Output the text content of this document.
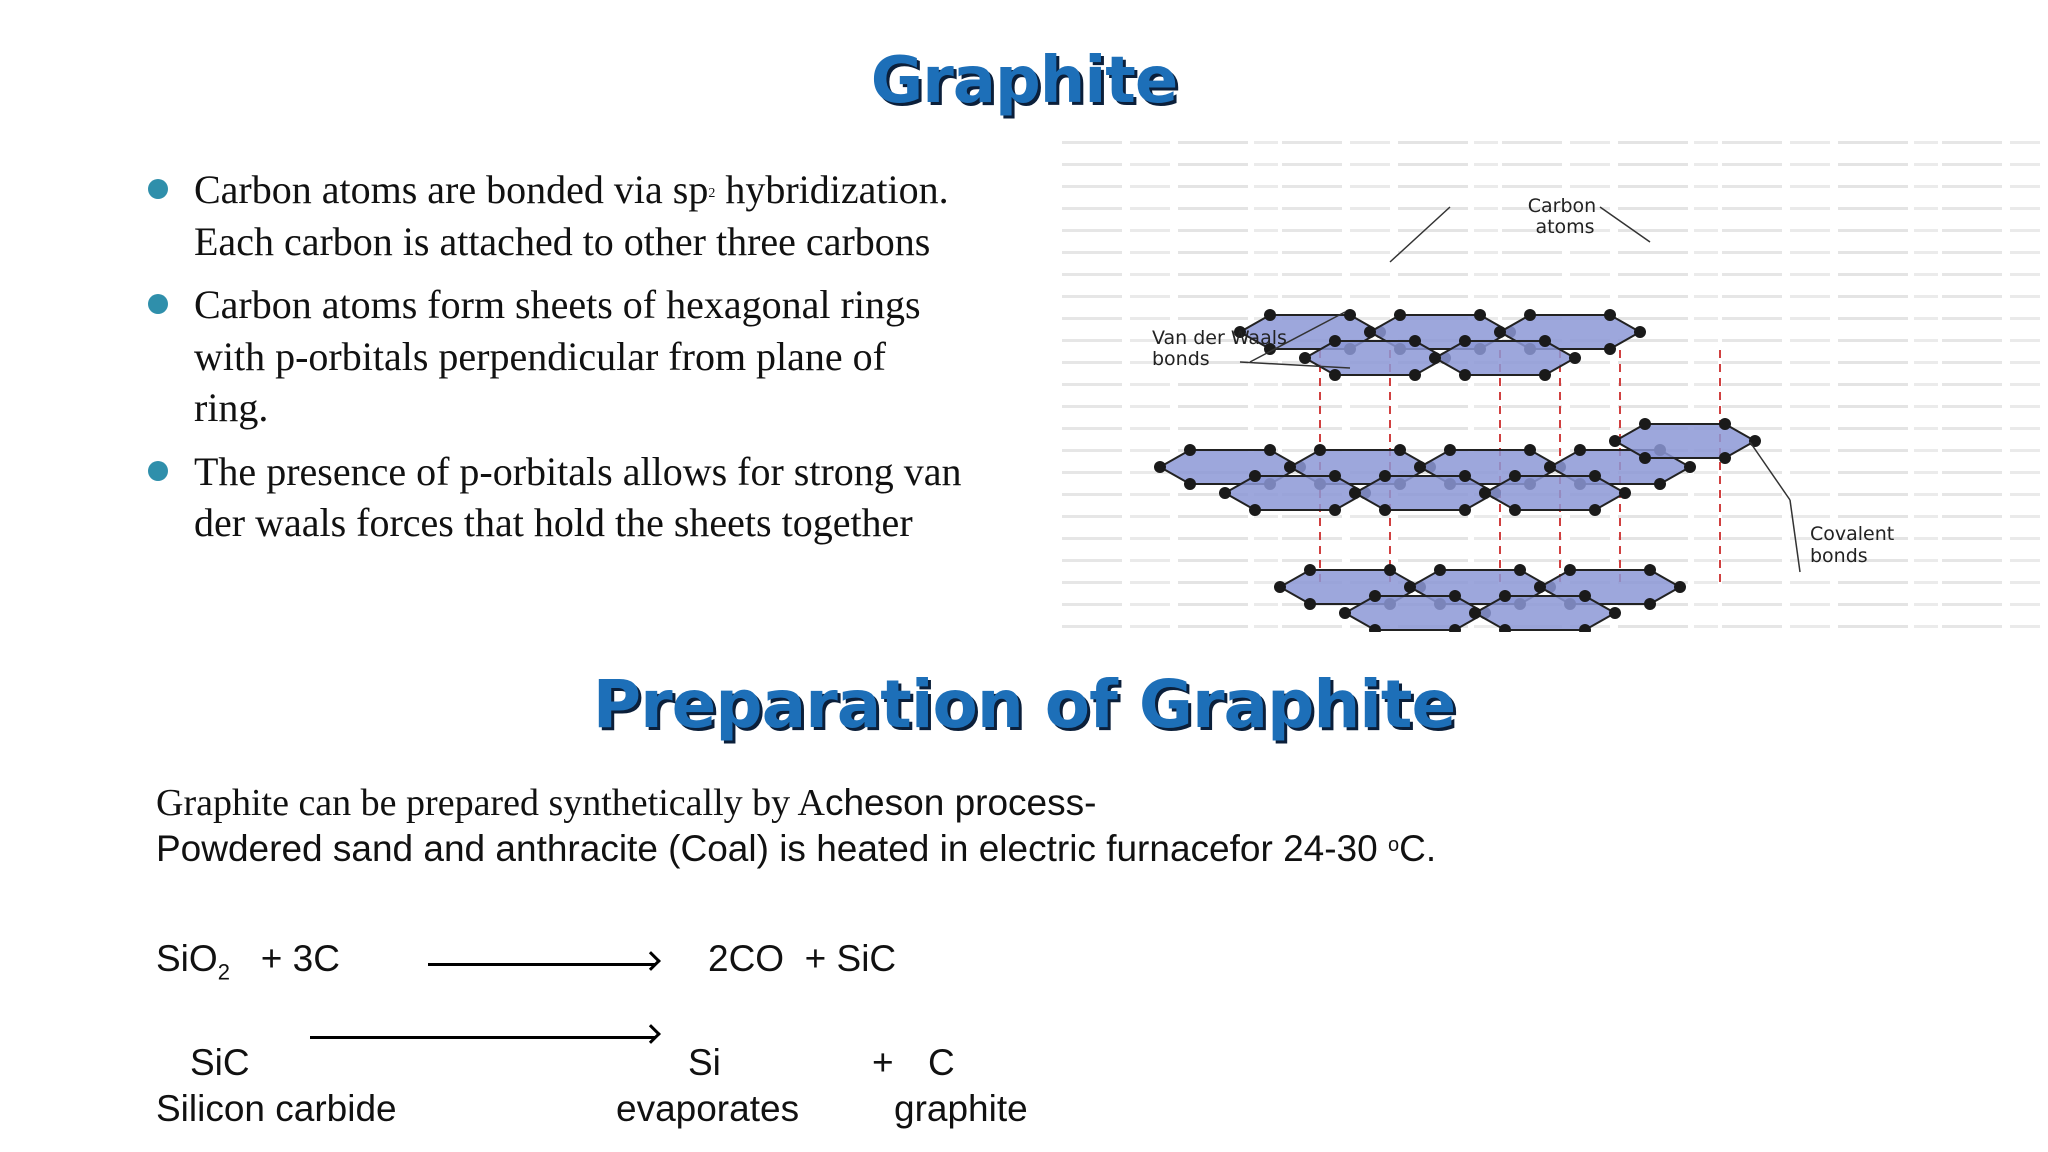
Graphite
Carbon atoms are bonded via $sp^2$ hybridization.
Each carbon is attached to other three carbons
Carbon atoms form sheets of hexagonal rings with p-orbitals perpendicular from plane of ring.
The presence of p-orbitals allows for strong van der waals forces that hold the sheets together
Carbon atoms
Van der Waals bonds
Covalent bonds
Preparation of Graphite
Graphite can be prepared synthetically by Acheson process-
Powdered sand and anthracite (Coal) is heated in electric furnacefor 24-30 $^o$C.
SiO$_2$   + 3C	2CO  + SiC
SiC
Silicon carbide
Si
evaporates
+ C
graphite
